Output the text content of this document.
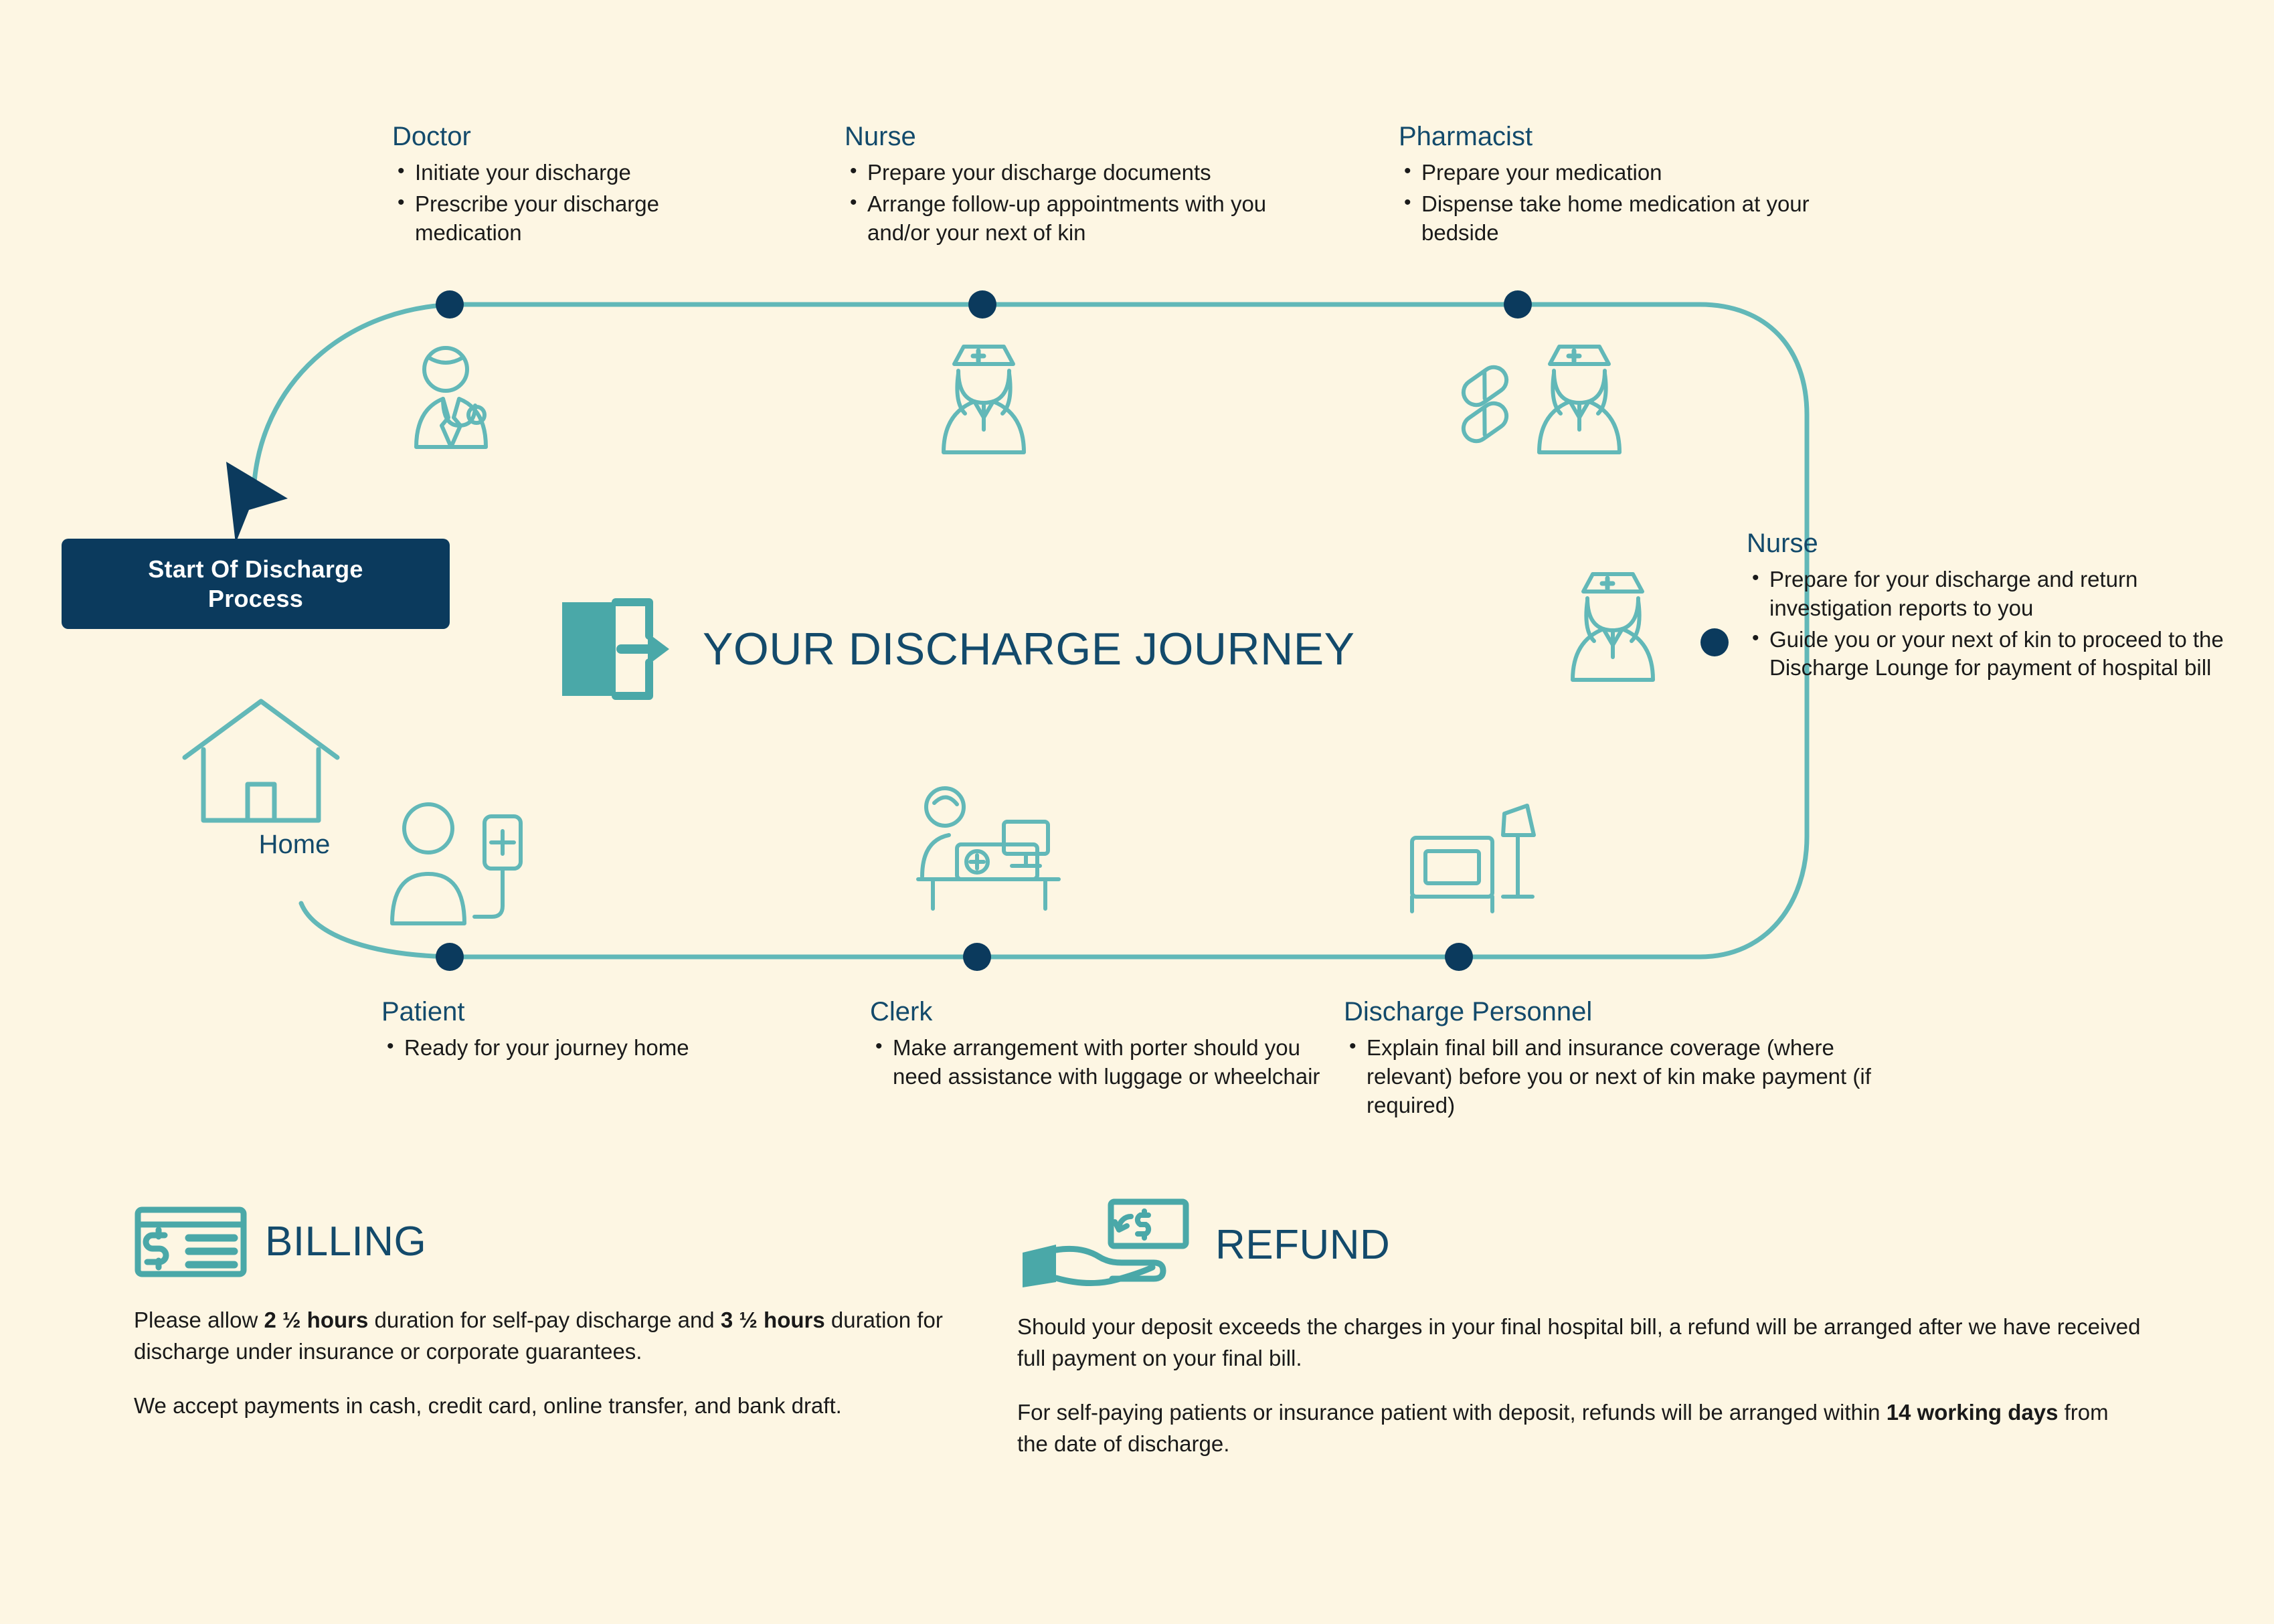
Start Of Discharge
Process
YOUR DISCHARGE JOURNEY
Home
Doctor
• Initiate your discharge
• Prescribe your discharge medication
Nurse
• Prepare your discharge documents
• Arrange follow-up appointments with you and/or your next of kin
Pharmacist
• Prepare your medication
• Dispense take home medication at your bedside
Nurse
• Prepare for your discharge and return investigation reports to you
• Guide you or your next of kin to proceed to the Discharge Lounge for payment of hospital bill
Discharge Personnel
• Explain final bill and insurance coverage (where relevant) before you or next of kin make payment (if required)
Clerk
• Make arrangement with porter should you need assistance with luggage or wheelchair
Patient
• Ready for your journey home
BILLING

Please allow 2 ½ hours duration for self-pay discharge and 3 ½ hours duration for discharge under insurance or corporate guarantees.

We accept payments in cash, credit card, online transfer, and bank draft.

REFUND

Should your deposit exceeds the charges in your final hospital bill, a refund will be arranged after we have received full payment on your final bill.

For self-paying patients or insurance patient with deposit, refunds will be arranged within 14 working days from the date of discharge.
